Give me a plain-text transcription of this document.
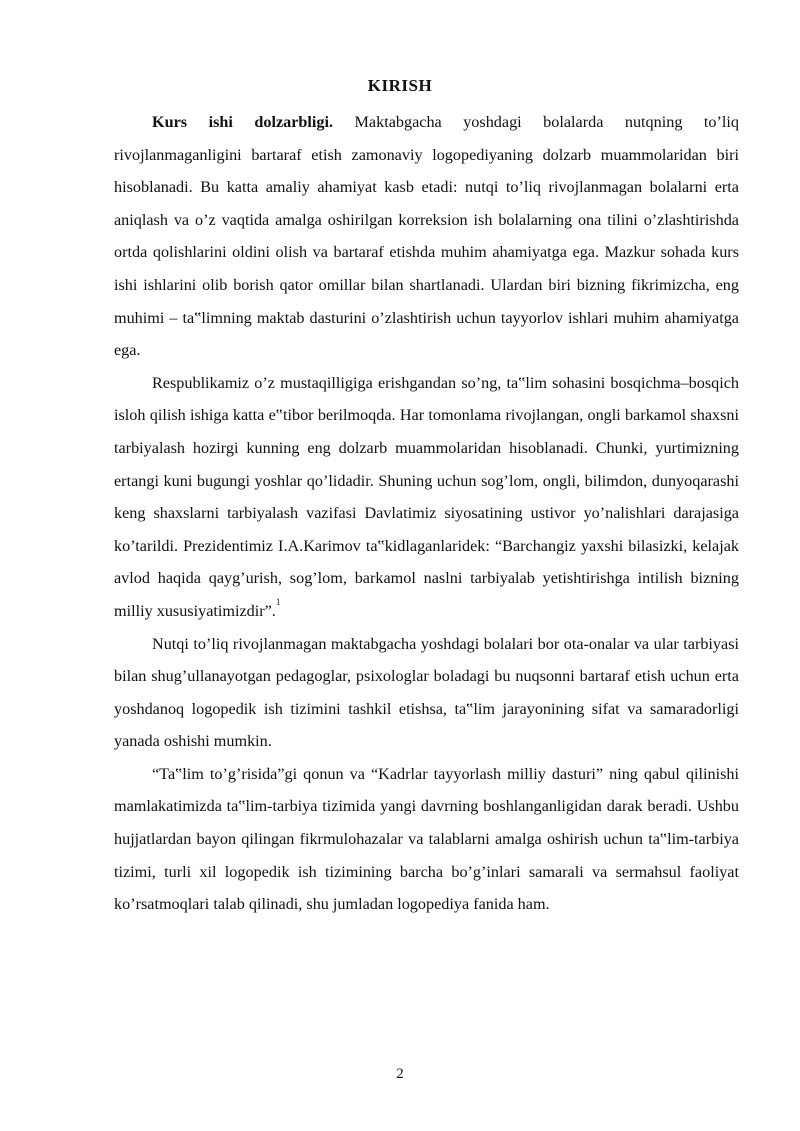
KIRISH

Kurs ishi dolzarbligi. Maktabgacha yoshdagi bolalarda nutqning to’liq rivojlanmaganligini bartaraf etish zamonaviy logopediyaning dolzarb muammolaridan biri hisoblanadi. Bu katta amaliy ahamiyat kasb etadi: nutqi to’liq rivojlanmagan bolalarni erta aniqlash va o’z vaqtida amalga oshirilgan korreksion ish bolalarning ona tilini o’zlashtirishda ortda qolishlarini oldini olish va bartaraf etishda muhim ahamiyatga ega. Mazkur sohada kurs ishi ishlarini olib borish qator omillar bilan shartlanadi. Ulardan biri bizning fikrimizcha, eng muhimi – ta‟limning maktab dasturini o’zlashtirish uchun tayyorlov ishlari muhim ahamiyatga ega.

Respublikamiz o’z mustaqilligiga erishgandan so’ng, ta‟lim sohasini bosqichma–bosqich isloh qilish ishiga katta e‟tibor berilmoqda. Har tomonlama rivojlangan, ongli barkamol shaxsni tarbiyalash hozirgi kunning eng dolzarb muammolaridan hisoblanadi. Chunki, yurtimizning ertangi kuni bugungi yoshlar qo’lidadir. Shuning uchun sog’lom, ongli, bilimdon, dunyoqarashi keng shaxslarni tarbiyalash vazifasi Davlatimiz siyosatining ustivor yo’nalishlari darajasiga ko’tarildi. Prezidentimiz I.A.Karimov ta‟kidlaganlaridek: “Barchangiz yaxshi bilasizki, kelajak avlod haqida qayg’urish, sog’lom, barkamol naslni tarbiyalab yetishtirishga intilish bizning milliy xususiyatimizdir”.$^1$

Nutqi to’liq rivojlanmagan maktabgacha yoshdagi bolalari bor ota-onalar va ular tarbiyasi bilan shug’ullanayotgan pedagoglar, psixologlar boladagi bu nuqsonni bartaraf etish uchun erta yoshdanoq logopedik ish tizimini tashkil etishsa, ta‟lim jarayonining sifat va samaradorligi yanada oshishi mumkin.

“Ta‟lim to’g’risida”gi qonun va “Kadrlar tayyorlash milliy dasturi” ning qabul qilinishi mamlakatimizda ta‟lim-tarbiya tizimida yangi davrning boshlanganligidan darak beradi. Ushbu hujjatlardan bayon qilingan fikrmulohazalar va talablarni amalga oshirish uchun ta‟lim-tarbiya tizimi, turli xil logopedik ish tizimining barcha bo’g’inlari samarali va sermahsul faoliyat ko’rsatmoqlari talab qilinadi, shu jumladan logopediya fanida ham.

2
